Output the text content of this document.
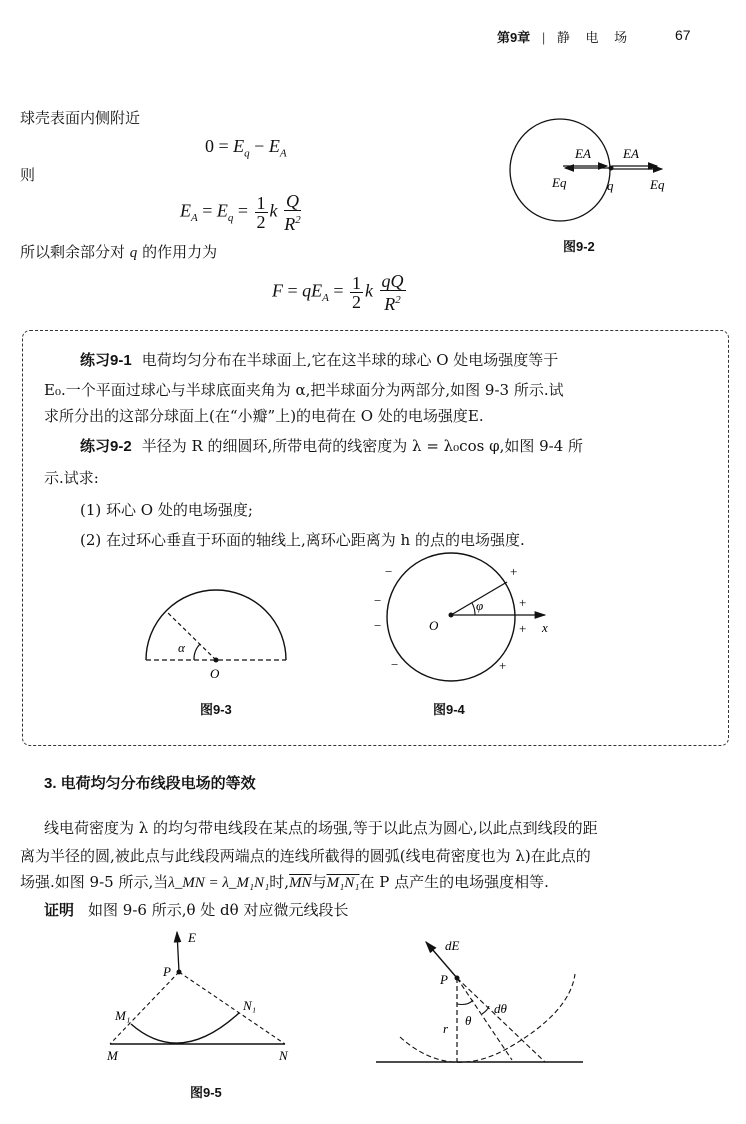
第9章 | 静 电 场	67
球壳表面内侧附近
$0 = E_q - E_A$
则
$E_A = E_q = \frac{1}{2}$ k $\frac{Q}{R^2}$
所以剩余部分对 q 的作用力为
$F = qE_A = \frac{1}{2}$ k $\frac{qQ}{R^2}$
EA EA
Eq	Eq
q
图9-2
练习9-1 电荷均匀分布在半球面上,它在这半球的球心 O 处电场强度等于
E₀.一个平面过球心与半球底面夹角为 α,把半球面分为两部分,如图 9-3 所示.试
求所分出的这部分球面上(在“小瓣”上)的电荷在 O 处的电场强度E.
练习9-2 半径为 R 的细圆环,所带电荷的线密度为 λ = λ₀cos φ,如图 9-4 所
示.试求:
(1) 环心 O 处的电场强度;
(2) 在过环心垂直于环面的轴线上,离环心距离为 h 的点的电场强度.
α
O
图9-3
O
φ
x
−
−
−
−
+
+
+
+
图9-4
3. 电荷均匀分布线段电场的等效
线电荷密度为 λ 的均匀带电线段在某点的场强,等于以此点为圆心,以此点到线段的距
离为半径的圆,被此点与此线段两端点的连线所截得的圆弧(线电荷密度也为 λ)在此点的
场强.如图 9-5 所示,当λ_MN = λ_M₁N₁时$,\overline{MN}$与M₁N₁在 P 点产生的电场强度相等.
证明 如图 9-6 所示,θ 处 dθ 对应微元线段长
E
P
M₁
N₁
M	N
图9-5
dE
P
dθ
θ
r
